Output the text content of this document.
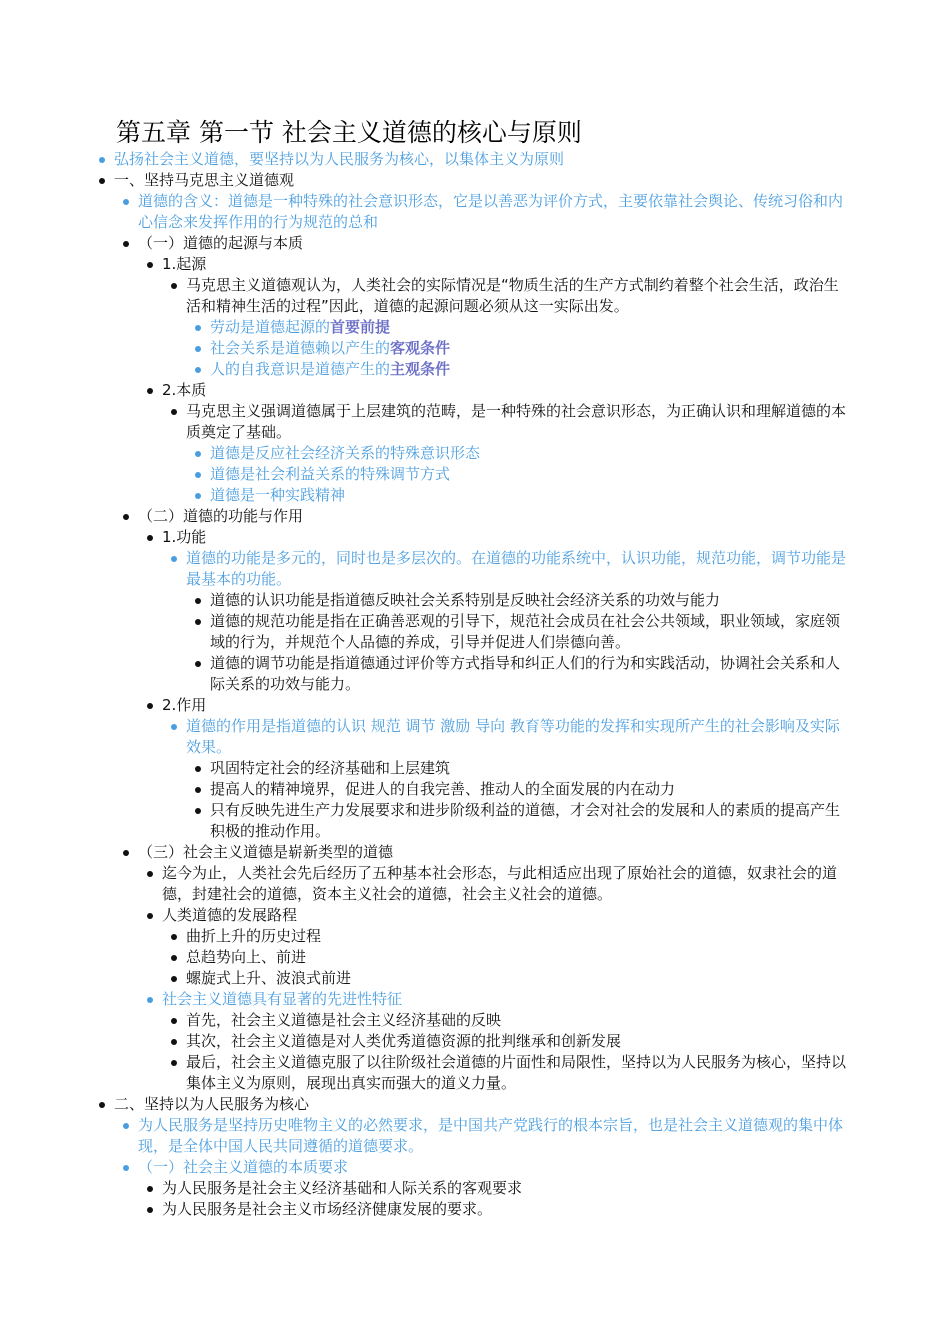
第五章 第一节 社会主义道德的核心与原则
弘扬社会主义道德，要坚持以为人民服务为核心，以集体主义为原则
一、坚持马克思主义道德观
道德的含义：道德是一种特殊的社会意识形态，它是以善恶为评价方式，主要依靠社会舆论、传统习俗和内心信念来发挥作用的行为规范的总和
（一）道德的起源与本质
1.起源
马克思主义道德观认为，人类社会的实际情况是“物质生活的生产方式制约着整个社会生活，政治生活和精神生活的过程”因此，道德的起源问题必须从这一实际出发。
劳动是道德起源的首要前提
社会关系是道德赖以产生的客观条件
人的自我意识是道德产生的主观条件
2.本质
马克思主义强调道德属于上层建筑的范畴，是一种特殊的社会意识形态，为正确认识和理解道德的本质奠定了基础。
道德是反应社会经济关系的特殊意识形态
道德是社会利益关系的特殊调节方式
道德是一种实践精神
（二）道德的功能与作用
1.功能
道德的功能是多元的，同时也是多层次的。在道德的功能系统中，认识功能，规范功能，调节功能是最基本的功能。
道德的认识功能是指道德反映社会关系特别是反映社会经济关系的功效与能力
道德的规范功能是指在正确善恶观的引导下，规范社会成员在社会公共领域，职业领域，家庭领域的行为，并规范个人品德的养成，引导并促进人们崇德向善。
道德的调节功能是指道德通过评价等方式指导和纠正人们的行为和实践活动，协调社会关系和人际关系的功效与能力。
2.作用
道德的作用是指道德的认识 规范 调节 激励 导向 教育等功能的发挥和实现所产生的社会影响及实际效果。
巩固特定社会的经济基础和上层建筑
提高人的精神境界，促进人的自我完善、推动人的全面发展的内在动力
只有反映先进生产力发展要求和进步阶级利益的道德，才会对社会的发展和人的素质的提高产生积极的推动作用。
（三）社会主义道德是崭新类型的道德
迄今为止，人类社会先后经历了五种基本社会形态，与此相适应出现了原始社会的道德，奴隶社会的道德，封建社会的道德，资本主义社会的道德，社会主义社会的道德。
人类道德的发展路程
曲折上升的历史过程
总趋势向上、前进
螺旋式上升、波浪式前进
社会主义道德具有显著的先进性特征
首先，社会主义道德是社会主义经济基础的反映
其次，社会主义道德是对人类优秀道德资源的批判继承和创新发展
最后，社会主义道德克服了以往阶级社会道德的片面性和局限性，坚持以为人民服务为核心，坚持以集体主义为原则，展现出真实而强大的道义力量。
二、坚持以为人民服务为核心
为人民服务是坚持历史唯物主义的必然要求，是中国共产党践行的根本宗旨，也是社会主义道德观的集中体现，是全体中国人民共同遵循的道德要求。
（一）社会主义道德的本质要求
为人民服务是社会主义经济基础和人际关系的客观要求
为人民服务是社会主义市场经济健康发展的要求。
